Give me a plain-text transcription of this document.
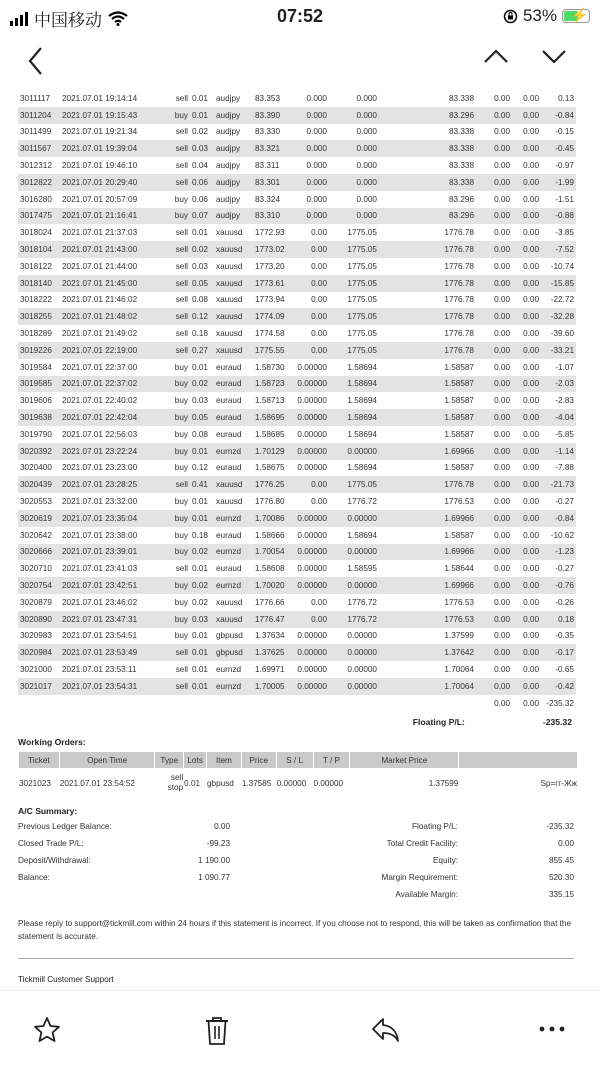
中国移动	07:52	53% ⚡
3011117	2021.07.01 19:14:14	sell	0.01	audjpy	83.353	0.000	0.000	83.338	0.00	0.00	0.13
3011204	2021.07.01 19:15:43	buy	0.01	audjpy	83.390	0.000	0.000	83.296	0.00	0.00	-0.84
3011499	2021.07.01 19:21:34	sell	0.02	audjpy	83.330	0.000	0.000	83.338	0.00	0.00	-0.15
3011567	2021.07.01 19:39:04	sell	0.03	audjpy	83.321	0.000	0.000	83.338	0.00	0.00	-0.45
3012312	2021.07.01 19:46:10	sell	0.04	audjpy	83.311	0.000	0.000	83.338	0.00	0.00	-0.97
3012822	2021.07.01 20:29:40	sell	0.06	audjpy	83.301	0.000	0.000	83.338	0.00	0.00	-1.99
3016280	2021.07.01 20:57:09	buy	0.06	audjpy	83.324	0.000	0.000	83.296	0.00	0.00	-1.51
3017475	2021.07.01 21:16:41	buy	0.07	audjpy	83.310	0.000	0.000	83.296	0.00	0.00	-0.88
3018024	2021.07.01 21:37:03	sell	0.01	xauusd	1772.93	0.00	1775.05	1776.78	0.00	0.00	-3.85
3018104	2021.07.01 21:43:00	sell	0.02	xauusd	1773.02	0.00	1775.05	1776.78	0.00	0.00	-7.52
3018122	2021.07.01 21:44:00	sell	0.03	xauusd	1773.20	0.00	1775.05	1776.78	0.00	0.00	-10.74
3018140	2021.07.01 21:45:00	sell	0.05	xauusd	1773.61	0.00	1775.05	1776.78	0.00	0.00	-15.85
3018222	2021.07.01 21:46:02	sell	0.08	xauusd	1773.94	0.00	1775.05	1776.78	0.00	0.00	-22.72
3018255	2021.07.01 21:48:02	sell	0.12	xauusd	1774.09	0.00	1775.05	1776.78	0.00	0.00	-32.28
3018289	2021.07.01 21:49:02	sell	0.18	xauusd	1774.58	0.00	1775.05	1776.78	0.00	0.00	-39.60
3019226	2021.07.01 22:19:00	sell	0.27	xauusd	1775.55	0.00	1775.05	1776.78	0.00	0.00	-33.21
3019584	2021.07.01 22:37:00	buy	0.01	euraud	1.58730	0.00000	1.58694	1.58587	0.00	0.00	-1.07
3019585	2021.07.01 22:37:02	buy	0.02	euraud	1.58723	0.00000	1.58694	1.58587	0.00	0.00	-2.03
3019606	2021.07.01 22:40:02	buy	0.03	euraud	1.58713	0.00000	1.58694	1.58587	0.00	0.00	-2.83
3019638	2021.07.01 22:42:04	buy	0.05	euraud	1.58695	0.00000	1.58694	1.58587	0.00	0.00	-4.04
3019790	2021.07.01 22:56:03	buy	0.08	euraud	1.58685	0.00000	1.58694	1.58587	0.00	0.00	-5.85
3020392	2021.07.01 23:22:24	buy	0.01	eurnzd	1.70129	0.00000	0.00000	1.69966	0.00	0.00	-1.14
3020400	2021.07.01 23:23:00	buy	0.12	euraud	1.58675	0.00000	1.58694	1.58587	0.00	0.00	-7.88
3020439	2021.07.01 23:28:25	sell	0.41	xauusd	1776.25	0.00	1775.05	1776.78	0.00	0.00	-21.73
3020553	2021.07.01 23:32:00	buy	0.01	xauusd	1776.80	0.00	1776.72	1776.53	0.00	0.00	-0.27
3020619	2021.07.01 23:35:04	buy	0.01	eurnzd	1.70086	0.00000	0.00000	1.69966	0.00	0.00	-0.84
3020642	2021.07.01 23:38:00	buy	0.18	euraud	1.58666	0.00000	1.58694	1.58587	0.00	0.00	-10.62
3020666	2021.07.01 23:39:01	buy	0.02	eurnzd	1.70054	0.00000	0.00000	1.69966	0.00	0.00	-1.23
3020710	2021.07.01 23:41:03	sell	0.01	euraud	1.58608	0.00000	1.58595	1.58644	0.00	0.00	-0.27
3020754	2021.07.01 23:42:51	buy	0.02	eurnzd	1.70020	0.00000	0.00000	1.69966	0.00	0.00	-0.76
3020879	2021.07.01 23:46:02	buy	0.02	xauusd	1776.66	0.00	1776.72	1776.53	0.00	0.00	-0.26
3020890	2021.07.01 23:47:31	buy	0.03	xauusd	1776.47	0.00	1776.72	1776.53	0.00	0.00	0.18
3020983	2021.07.01 23:54:51	buy	0.01	gbpusd	1.37634	0.00000	0.00000	1.37599	0.00	0.00	-0.35
3020984	2021.07.01 23:53:49	sell	0.01	gbpusd	1.37625	0.00000	0.00000	1.37642	0.00	0.00	-0.17
3021000	2021.07.01 23:53:11	sell	0.01	eurnzd	1.69971	0.00000	0.00000	1.70064	0.00	0.00	-0.65
3021017	2021.07.01 23:54:31	sell	0.01	eurnzd	1.70005	0.00000	0.00000	1.70064	0.00	0.00	-0.42
									0.00	0.00	-235.32
Floating P/L:	-235.32
Working Orders:
Ticket	Open Time	Type	Lots	Item	Price	S / L	T / P	Market Price	
3021023	2021.07.01 23:54:52	sell
stop	0.01	gbpusd	1.37585	0.00000	0.00000	1.37599	Sp=гг-Жж
A/C Summary:
Previous Ledger Balance:	0.00
Closed Trade P/L:	-99.23
Deposit/Withdrawal:	1 190.00
Balance:	1 090.77
Floating P/L:	-235.32
Total Credit Facility:	0.00
Equity:	855.45
Margin Requirement:	520.30
Available Margin:	335.15
Please reply to support@tickmill.com within 24 hours if this statement is incorrect. If you choose not to respond, this will be taken as confirmation that the statement is accurate.
Tickmill Customer Support
